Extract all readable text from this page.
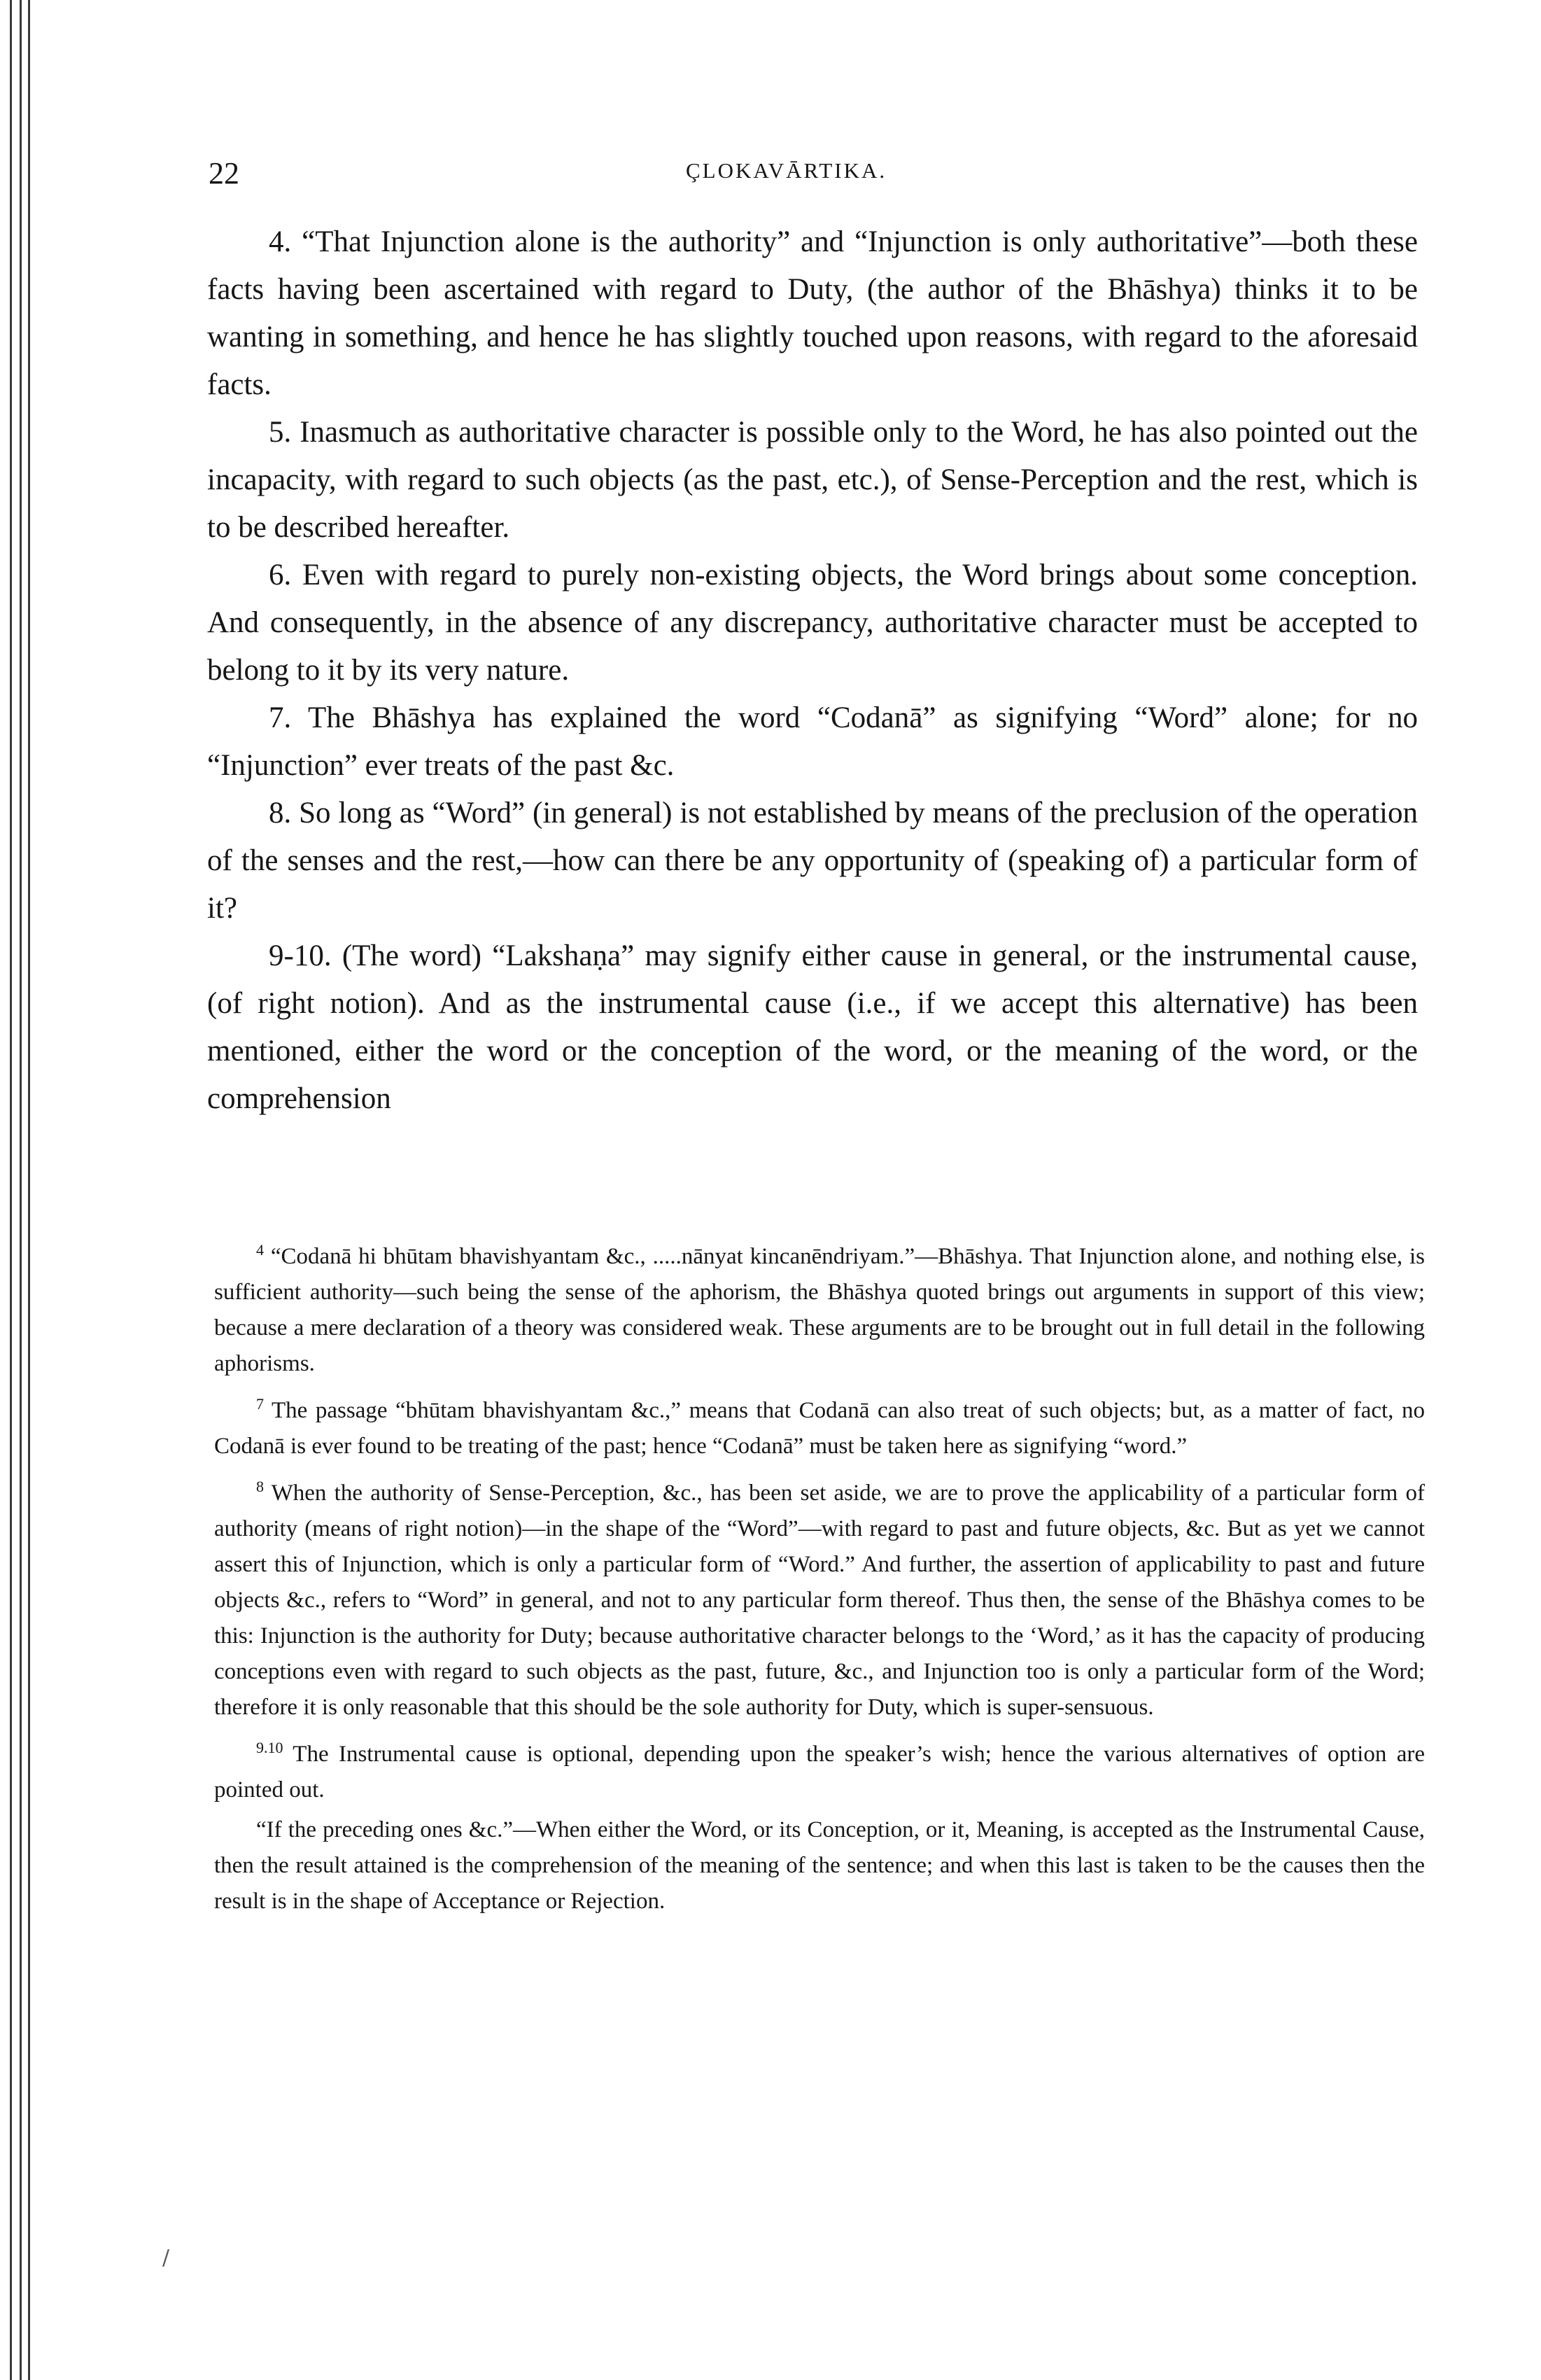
22	ÇLOKAVĀRTIKA.

4. “That Injunction alone is the authority” and “Injunction is only authoritative”—both these facts having been ascertained with regard to Duty, (the author of the Bhāshya) thinks it to be wanting in something, and hence he has slightly touched upon reasons, with regard to the aforesaid facts.

5. Inasmuch as authoritative character is possible only to the Word, he has also pointed out the incapacity, with regard to such objects (as the past, etc.), of Sense-Perception and the rest, which is to be described hereafter.

6. Even with regard to purely non-existing objects, the Word brings about some conception. And consequently, in the absence of any discrepancy, authoritative character must be accepted to belong to it by its very nature.

7. The Bhāshya has explained the word “Codanā” as signifying “Word” alone; for no “Injunction” ever treats of the past &c.

8. So long as “Word” (in general) is not established by means of the preclusion of the operation of the senses and the rest,—how can there be any opportunity of (speaking of) a particular form of it?

9-10. (The word) “Lakshaṇa” may signify either cause in general, or the instrumental cause, (of right notion). And as the instrumental cause (i.e., if we accept this alternative) has been mentioned, either the word or the conception of the word, or the meaning of the word, or the comprehension

$^4$ “Codanā hi bhūtam bhavishyantam &c., .....nānyat kincanēndriyam.”—Bhāshya. That Injunction alone, and nothing else, is sufficient authority—such being the sense of the aphorism, the Bhāshya quoted brings out arguments in support of this view; because a mere declaration of a theory was considered weak. These arguments are to be brought out in full detail in the following aphorisms.

$^7$ The passage “bhūtam bhavishyantam &c.,” means that Codanā can also treat of such objects; but, as a matter of fact, no Codanā is ever found to be treating of the past; hence “Codanā” must be taken here as signifying “word.”

$^8$ When the authority of Sense-Perception, &c., has been set aside, we are to prove the applicability of a particular form of authority (means of right notion)—in the shape of the “Word”—with regard to past and future objects, &c. But as yet we cannot assert this of Injunction, which is only a particular form of “Word.” And further, the assertion of applicability to past and future objects &c., refers to “Word” in general, and not to any particular form thereof. Thus then, the sense of the Bhāshya comes to be this: Injunction is the authority for Duty; because authoritative character belongs to the ‘Word,’ as it has the capacity of producing conceptions even with regard to such objects as the past, future, &c., and Injunction too is only a particular form of the Word; therefore it is only reasonable that this should be the sole authority for Duty, which is super-sensuous.

$^{9.10}$ The Instrumental cause is optional, depending upon the speaker’s wish; hence the various alternatives of option are pointed out.

“If the preceding ones &c.”—When either the Word, or its Conception, or it, Meaning, is accepted as the Instrumental Cause, then the result attained is the comprehension of the meaning of the sentence; and when this last is taken to be the causes then the result is in the shape of Acceptance or Rejection.

/
